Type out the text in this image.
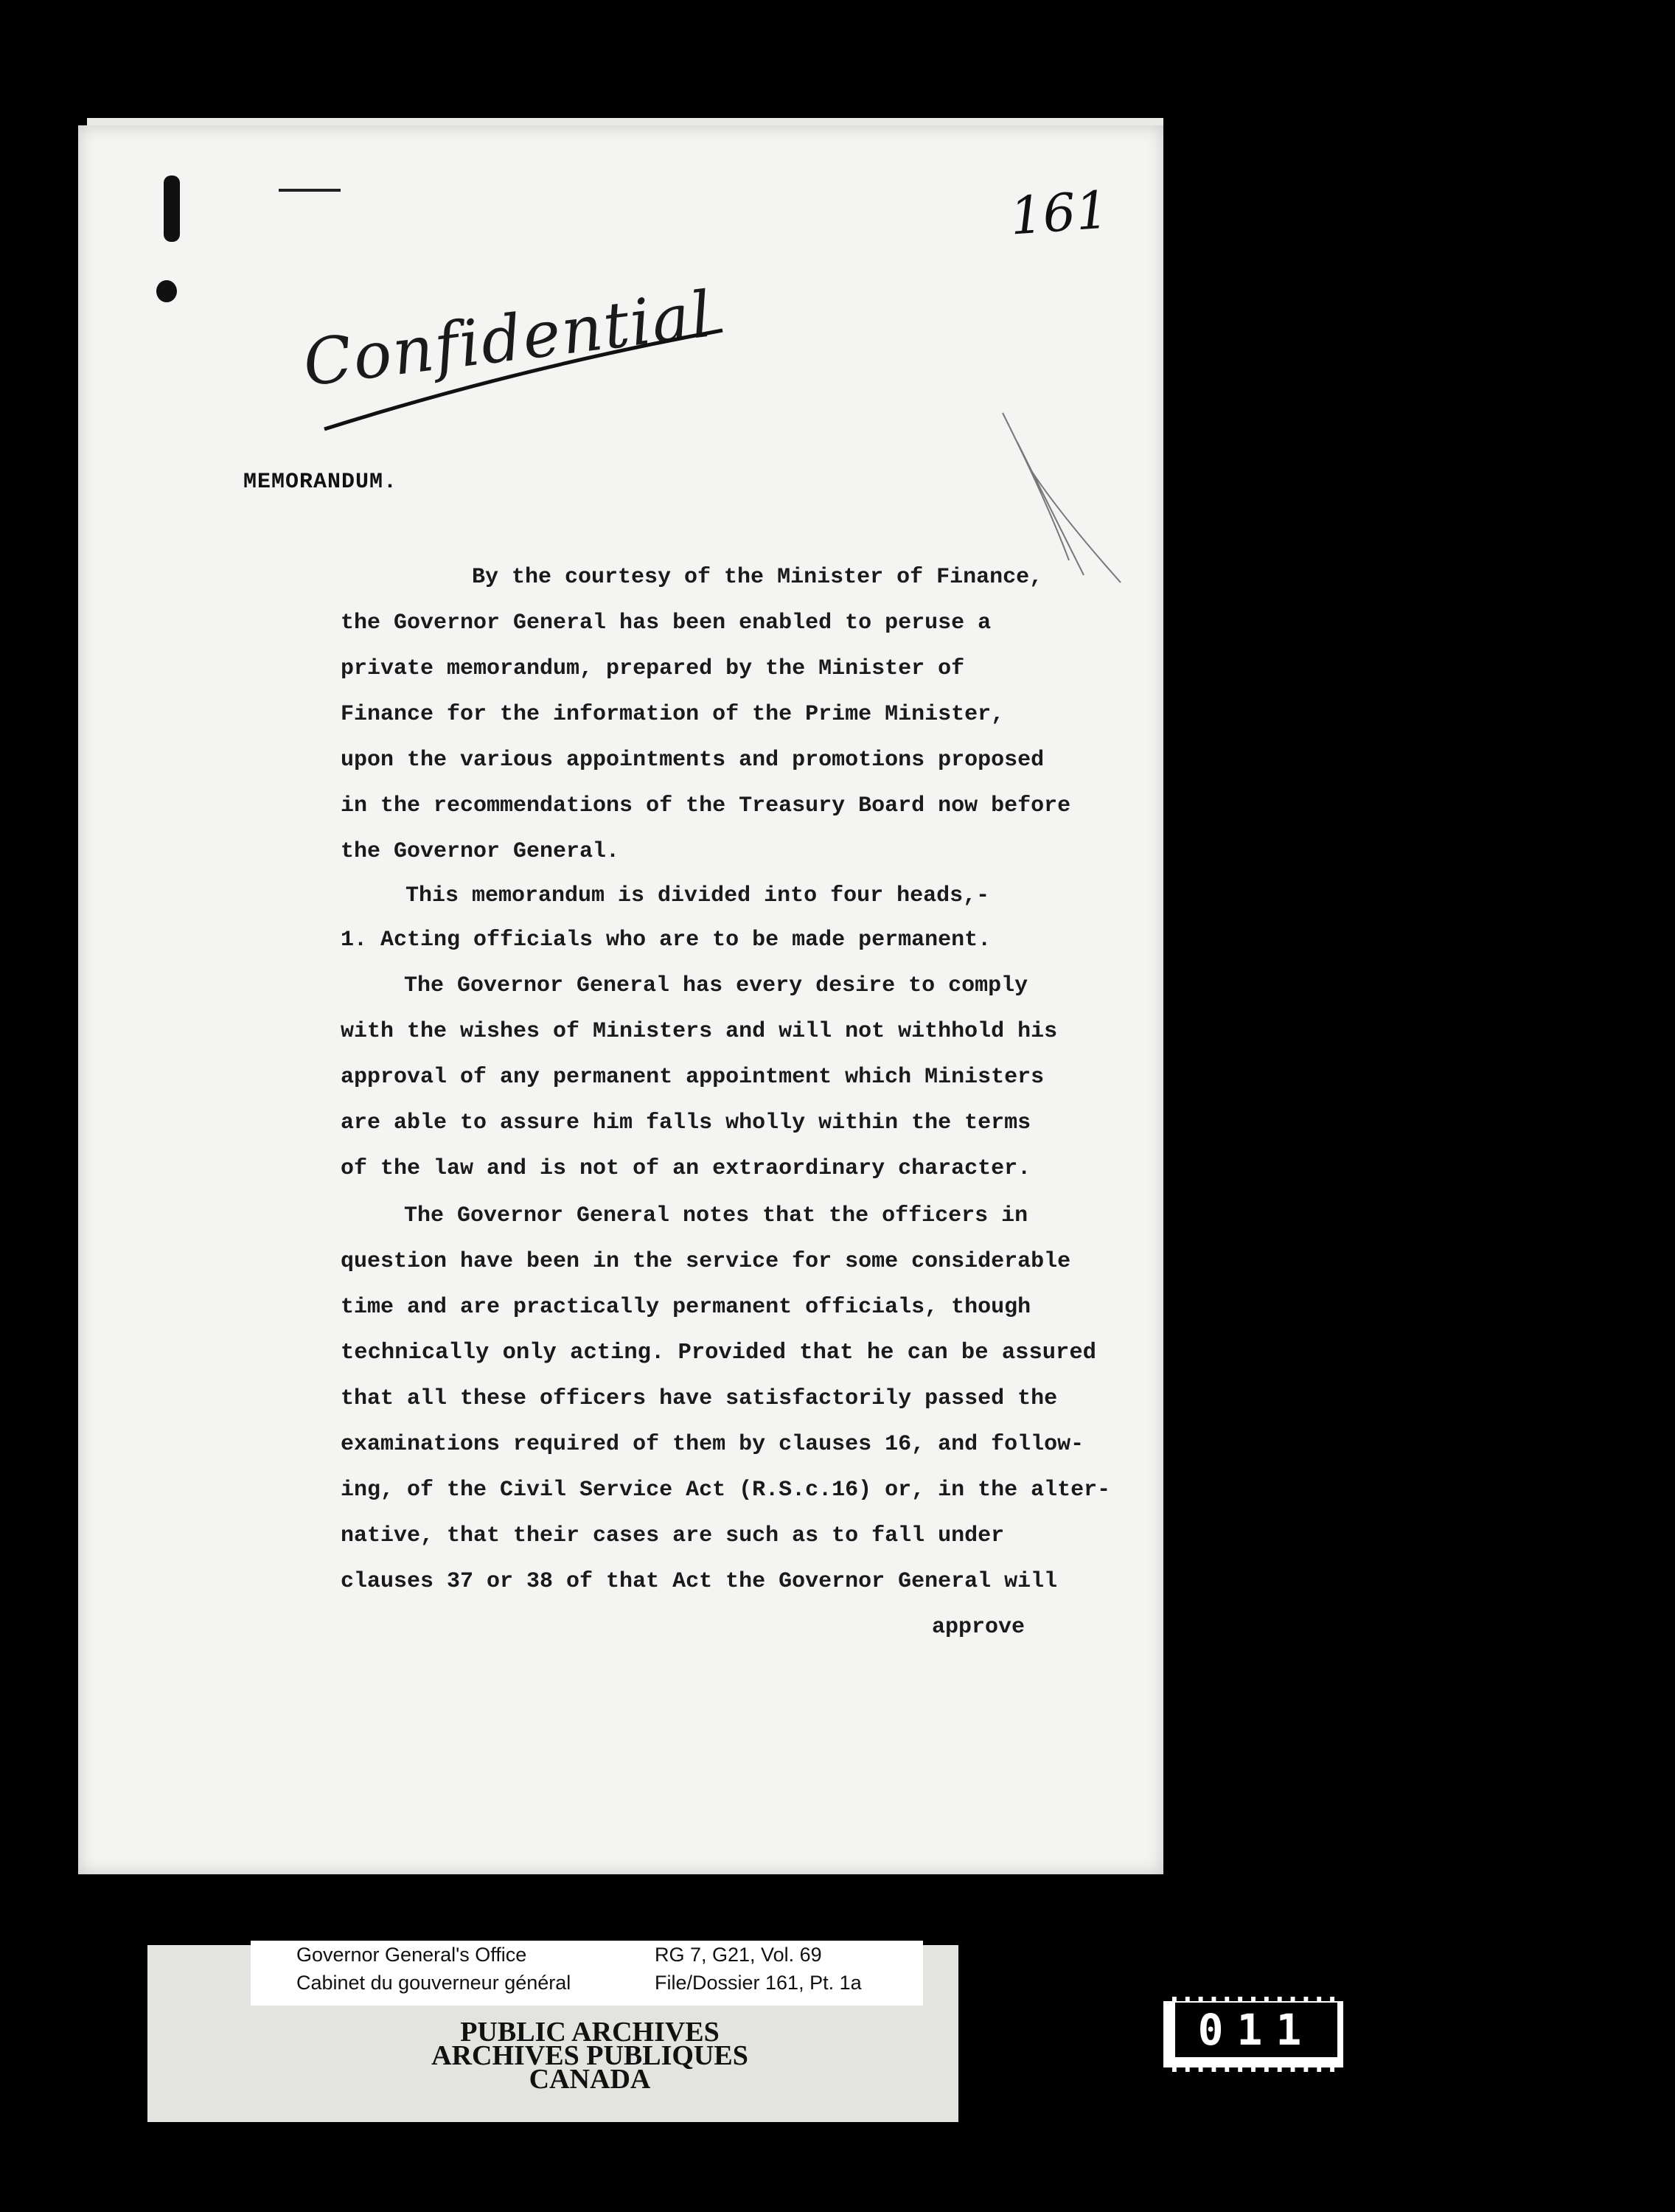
161
Confidential
MEMORANDUM.
By the courtesy of the Minister of Finance,
the Governor General has been enabled to peruse a
private memorandum, prepared by the Minister of
Finance for the information of the Prime Minister,
upon the various appointments and promotions proposed
in the recommendations of the Treasury Board now before
the Governor General.
This memorandum is divided into four heads,-
1. Acting officials who are to be made permanent.
The Governor General has every desire to comply
with the wishes of Ministers and will not withhold his
approval of any permanent appointment which Ministers
are able to assure him falls wholly within the terms
of the law and is not of an extraordinary character.
The Governor General notes that the officers in
question have been in the service for some considerable
time and are practically permanent officials, though
technically only acting. Provided that he can be assured
that all these officers have satisfactorily passed the
examinations required of them by clauses 16, and follow-
ing, of the Civil Service Act (R.S.c.16) or, in the alter-
native, that their cases are such as to fall under
clauses 37 or 38 of that Act the Governor General will
approve
Governor General's Office
Cabinet du gouverneur général
RG 7, G21, Vol. 69
File/Dossier 161, Pt. 1a
PUBLIC ARCHIVES
ARCHIVES PUBLIQUES
CANADA
011
